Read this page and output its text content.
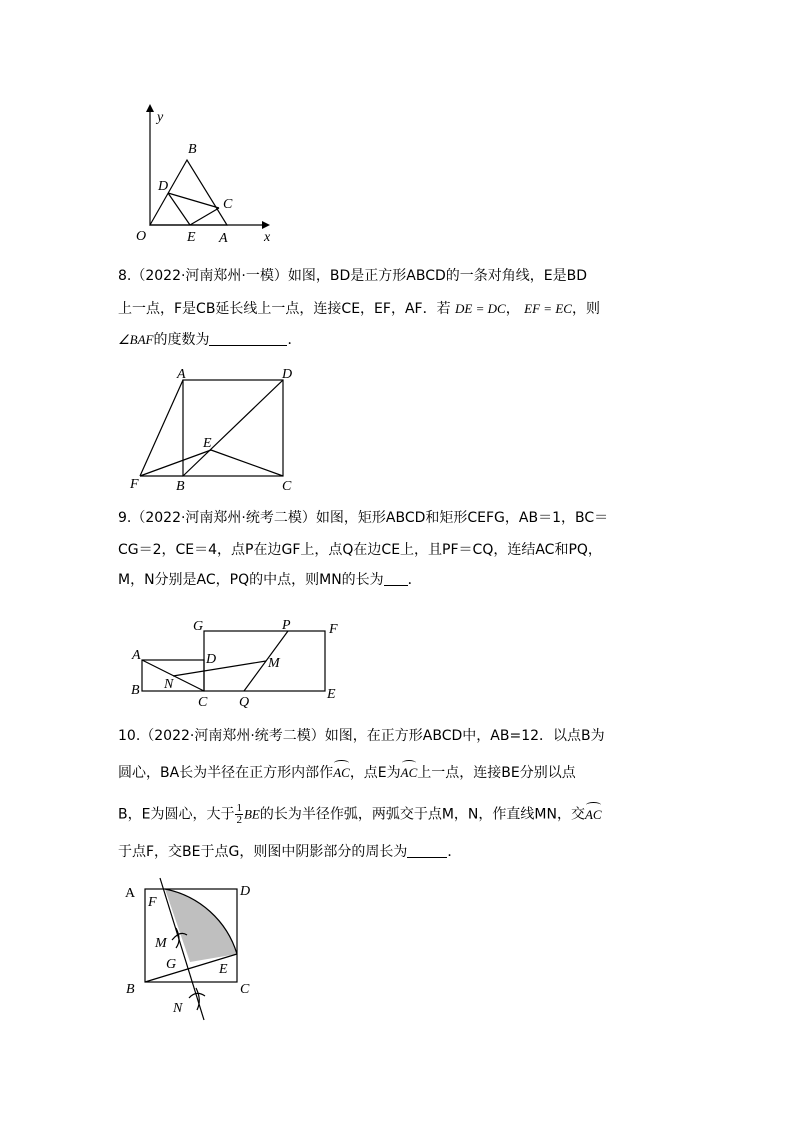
y
x
O
B
D
C
E A
8.（2022·河南郑州·一模）如图，BD是正方形ABCD的一条对角线，E是BD
上一点，F是CB延长线上一点，连接CE，EF，AF．若 DE = DC， EF = EC，则
∠BAF的度数为	．
A	D
E
F	B	C
9.（2022·河南郑州·统考二模）如图，矩形ABCD和矩形CEFG，AB＝1，BC＝
CG＝2，CE＝4，点P在边GF上，点Q在边CE上，且PF＝CQ，连结AC和PQ，
M，N分别是AC，PQ的中点，则MN的长为 ．
G	P	F
A	D	M
N
B
C Q
E
10.（2022·河南郑州·统考二模）如图，在正方形ABCD中，AB=12．以点B为
圆心，BA长为半径在正方形内部作AC，点E为AC上一点，连接BE分别以点
B，E为圆心，大于 $\frac{1}{2}$ BE的长为半径作弧，两弧交于点M，N，作直线MN，交AC
于点F，交BE于点G，则图中阴影部分的周长为	．
A	D
F
M
G	E
B	C
N
